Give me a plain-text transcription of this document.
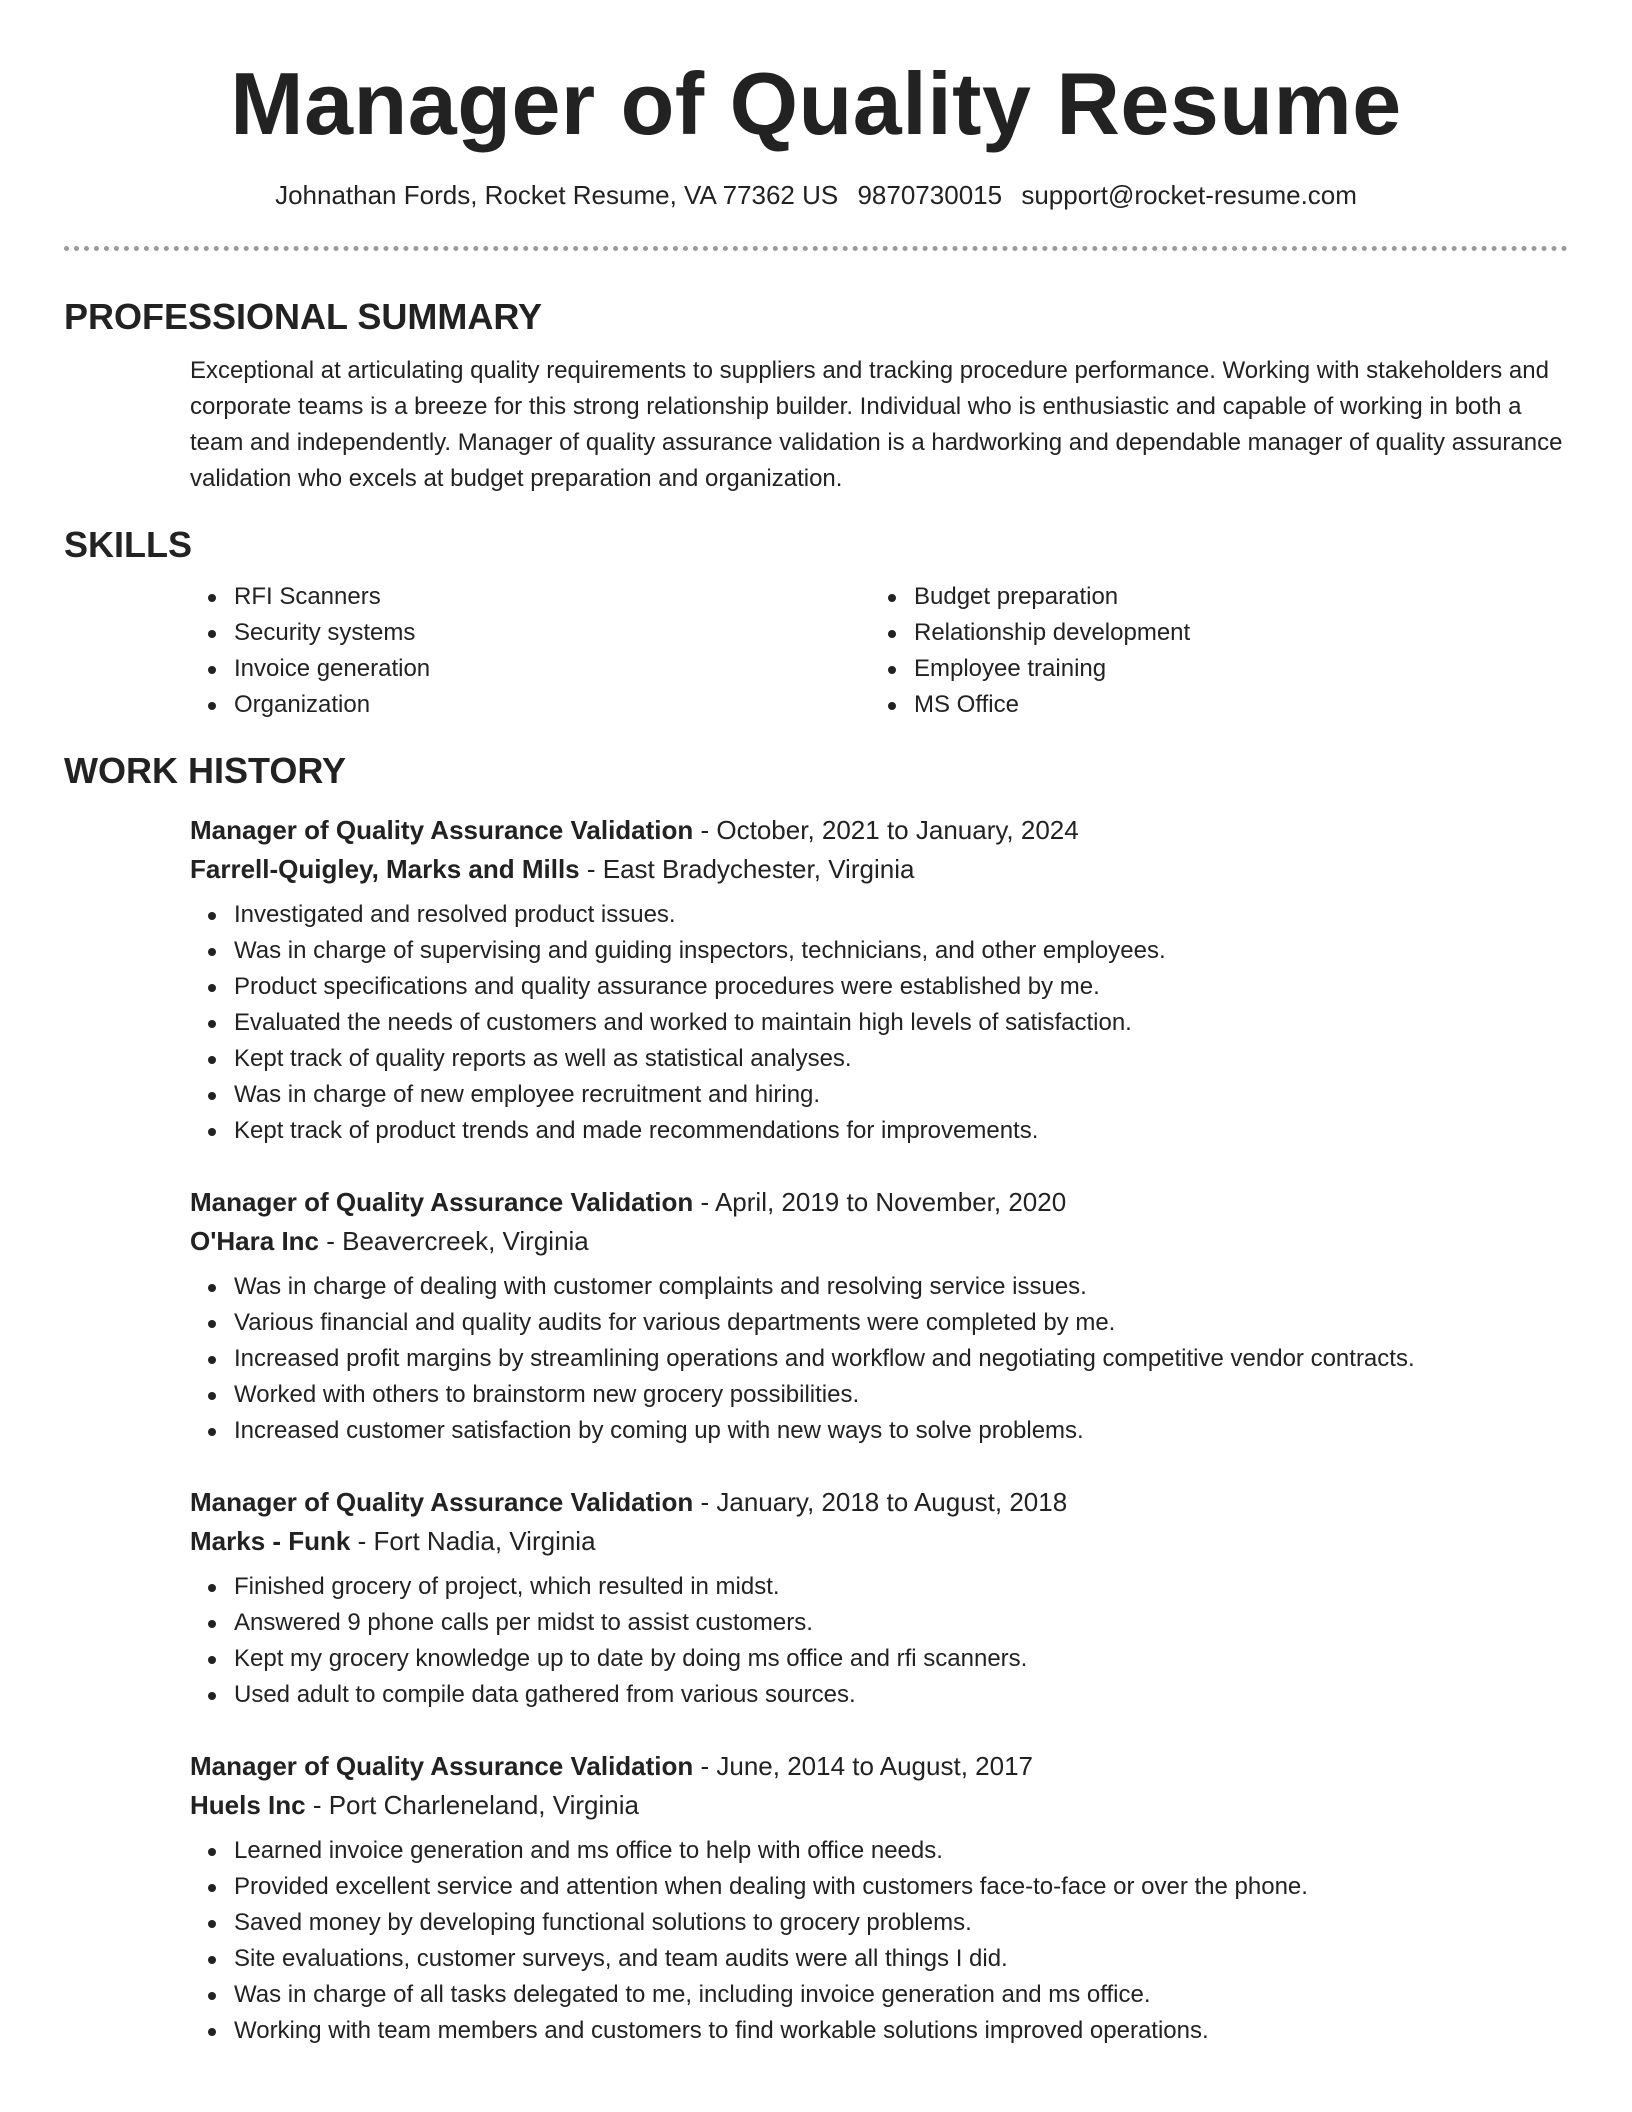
Manager of Quality Resume
Johnathan Fords, Rocket Resume, VA 77362 US 9870730015 support@rocket-resume.com
PROFESSIONAL SUMMARY

Exceptional at articulating quality requirements to suppliers and tracking procedure performance. Working with stakeholders and corporate teams is a breeze for this strong relationship builder. Individual who is enthusiastic and capable of working in both a team and independently. Manager of quality assurance validation is a hardworking and dependable manager of quality assurance validation who excels at budget preparation and organization.

SKILLS
RFI Scanners
Security systems
Invoice generation
Organization
Budget preparation
Relationship development
Employee training
MS Office
WORK HISTORY
Manager of Quality Assurance Validation - October, 2021 to January, 2024
Farrell-Quigley, Marks and Mills - East Bradychester, Virginia
Investigated and resolved product issues.
Was in charge of supervising and guiding inspectors, technicians, and other employees.
Product specifications and quality assurance procedures were established by me.
Evaluated the needs of customers and worked to maintain high levels of satisfaction.
Kept track of quality reports as well as statistical analyses.
Was in charge of new employee recruitment and hiring.
Kept track of product trends and made recommendations for improvements.
Manager of Quality Assurance Validation - April, 2019 to November, 2020
O'Hara Inc - Beavercreek, Virginia
Was in charge of dealing with customer complaints and resolving service issues.
Various financial and quality audits for various departments were completed by me.
Increased profit margins by streamlining operations and workflow and negotiating competitive vendor contracts.
Worked with others to brainstorm new grocery possibilities.
Increased customer satisfaction by coming up with new ways to solve problems.
Manager of Quality Assurance Validation - January, 2018 to August, 2018
Marks - Funk - Fort Nadia, Virginia
Finished grocery of project, which resulted in midst.
Answered 9 phone calls per midst to assist customers.
Kept my grocery knowledge up to date by doing ms office and rfi scanners.
Used adult to compile data gathered from various sources.
Manager of Quality Assurance Validation - June, 2014 to August, 2017
Huels Inc - Port Charleneland, Virginia
Learned invoice generation and ms office to help with office needs.
Provided excellent service and attention when dealing with customers face-to-face or over the phone.
Saved money by developing functional solutions to grocery problems.
Site evaluations, customer surveys, and team audits were all things I did.
Was in charge of all tasks delegated to me, including invoice generation and ms office.
Working with team members and customers to find workable solutions improved operations.
